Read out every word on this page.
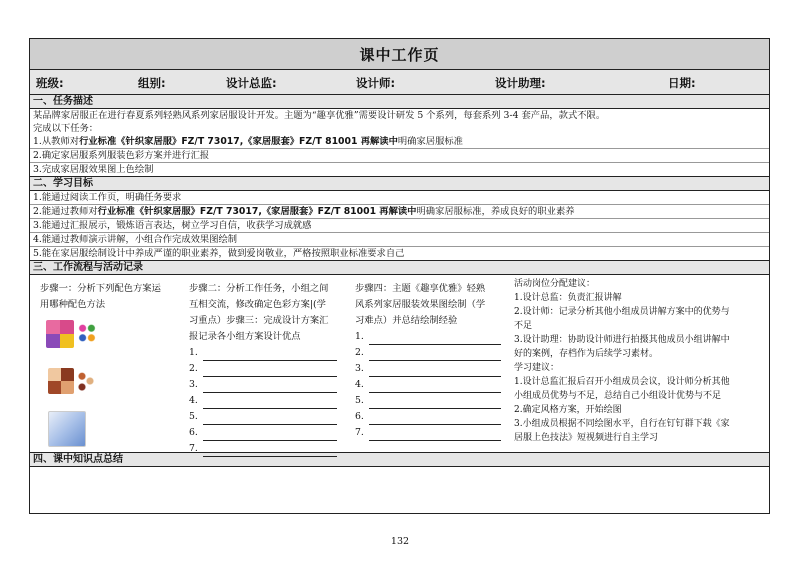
课中工作页
班级:	组别:	设计总监:	设计师:	设计助理:	日期:
一、任务描述
某品牌家居服正在进行春夏系列轻熟风系列家居服设计开发。主题为“趣享优雅”需要设计研发 5 个系列，每套系列 3-4 套产品，款式不限。
完成以下任务：
1.从教师对行业标准《针织家居服》FZ/T 73017,《家居服套》FZ/T 81001 再解读中明确家居服标准
2.确定家居服系列服装色彩方案并进行汇报
3.完成家居服效果图上色绘制
二、学习目标
1.能通过阅读工作页，明确任务要求
2.能通过教师对行业标准《针织家居服》FZ/T 73017,《家居服套》FZ/T 81001 再解读中明确家居服标准，养成良好的职业素养
3.能通过汇报展示，锻炼语言表达，树立学习自信，收获学习成就感
4.能通过教师演示讲解，小组合作完成效果图绘制
5.能在家居服绘制设计中养成严谨的职业素养，做到爱岗敬业，严格按照职业标准要求自己
三、工作流程与活动记录
步骤一：分析下列配色方案运
用哪种配色方法
步骤二：分析工作任务，小组之间
互相交流，修改确定色彩方案|(学
习重点）步骤三：完成设计方案汇
报记录各小组方案设计优点
1.
2.
3.
4.
5.
6.
7.
步骤四：主题《趣享优雅》轻熟
风系列家居服装效果图绘制（学
习难点）并总结绘制经验
1.
2.
3.
4.
5.
6.
7.
活动岗位分配建议：
1.设计总监：负责汇报讲解
2.设计师：记录分析其他小组成员讲解方案中的优势与
不足
3.设计助理：协助设计师进行拍摄其他成员小组讲解中
好的案例，存档作为后续学习素材。
学习建议：
1.设计总监汇报后召开小组成员会议，设计师分析其他
小组成员优势与不足，总结自己小组设计优势与不足
2.确定风格方案，开始绘图
3.小组成员根据不同绘图水平，自行在钉钉群下载《家
居服上色技法》短视频进行自主学习
四、课中知识点总结
132
